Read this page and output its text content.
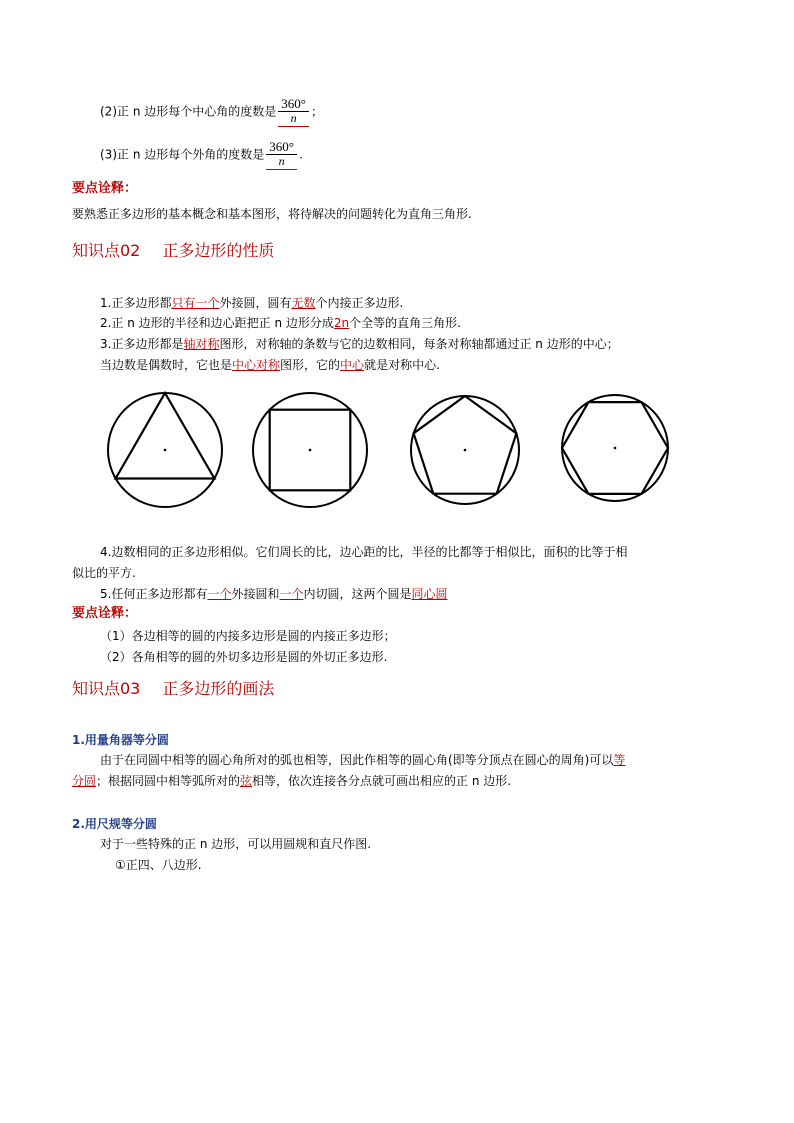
(2)正 n 边形每个中心角的度数是 $\frac{360^\circ}{n}$ ；
(3)正 n 边形每个外角的度数是 $\frac{360^\circ}{n}$ .
要点诠释：
要熟悉正多边形的基本概念和基本图形，将待解决的问题转化为直角三角形.
知识点02 正多边形的性质
1.正多边形都只有一个外接圆，圆有无数个内接正多边形.
2.正 n 边形的半径和边心距把正 n 边形分成2n个全等的直角三角形.
3.正多边形都是轴对称图形，对称轴的条数与它的边数相同，每条对称轴都通过正 n 边形的中心；
当边数是偶数时，它也是中心对称图形，它的中心就是对称中心.
4.边数相同的正多边形相似。它们周长的比，边心距的比，半径的比都等于相似比，面积的比等于相
似比的平方.
5.任何正多边形都有一个外接圆和一个内切圆，这两个圆是同心圆
要点诠释：
（1）各边相等的圆的内接多边形是圆的内接正多边形；
（2）各角相等的圆的外切多边形是圆的外切正多边形.
知识点03 正多边形的画法
1.用量角器等分圆
由于在同圆中相等的圆心角所对的弧也相等，因此作相等的圆心角(即等分顶点在圆心的周角)可以等
分圆；根据同圆中相等弧所对的弦相等，依次连接各分点就可画出相应的正 n 边形.
2.用尺规等分圆
对于一些特殊的正 n 边形，可以用圆规和直尺作图.
①正四、八边形.
